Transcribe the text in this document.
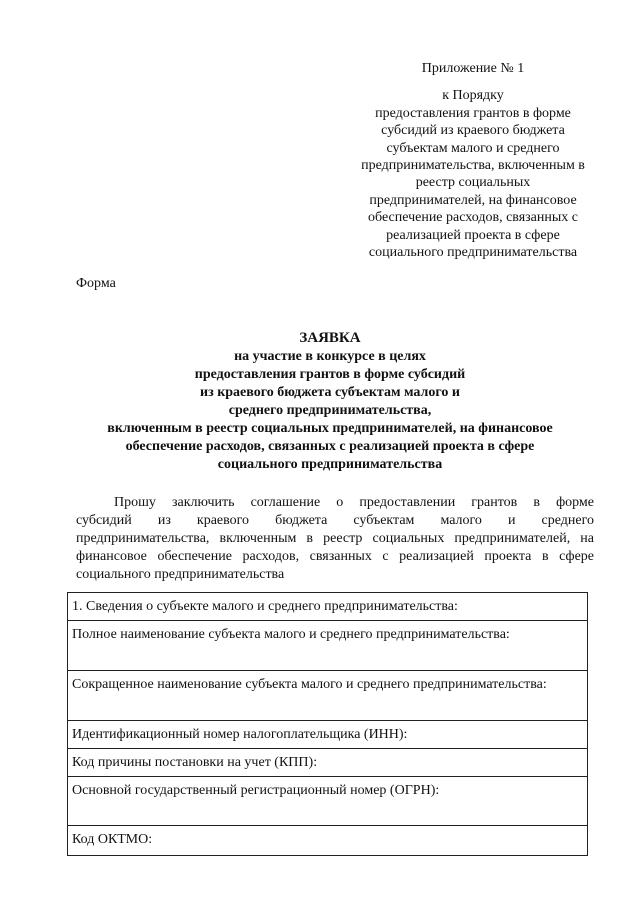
Приложение № 1
к Порядку
предоставления грантов в форме
субсидий из краевого бюджета
субъектам малого и среднего
предпринимательства, включенным в
реестр социальных
предпринимателей, на финансовое
обеспечение расходов, связанных с
реализацией проекта в сфере
социального предпринимательства
Форма
ЗАЯВКА
на участие в конкурсе в целях
предоставления грантов в форме субсидий
из краевого бюджета субъектам малого и
среднего предпринимательства,
включенным в реестр социальных предпринимателей, на финансовое
обеспечение расходов, связанных с реализацией проекта в сфере
социального предпринимательства
Прошу заключить соглашение о предоставлении грантов в форме
субсидий из краевого бюджета субъектам малого и среднего
предпринимательства, включенным в реестр социальных предпринимателей, на
финансовое обеспечение расходов, связанных с реализацией проекта в сфере
социального предпринимательства
1. Сведения о субъекте малого и среднего предпринимательства:
Полное наименование субъекта малого и среднего предпринимательства:
Сокращенное наименование субъекта малого и среднего предпринимательства:
Идентификационный номер налогоплательщика (ИНН):
Код причины постановки на учет (КПП):
Основной государственный регистрационный номер (ОГРН):
Код ОКТМО:
